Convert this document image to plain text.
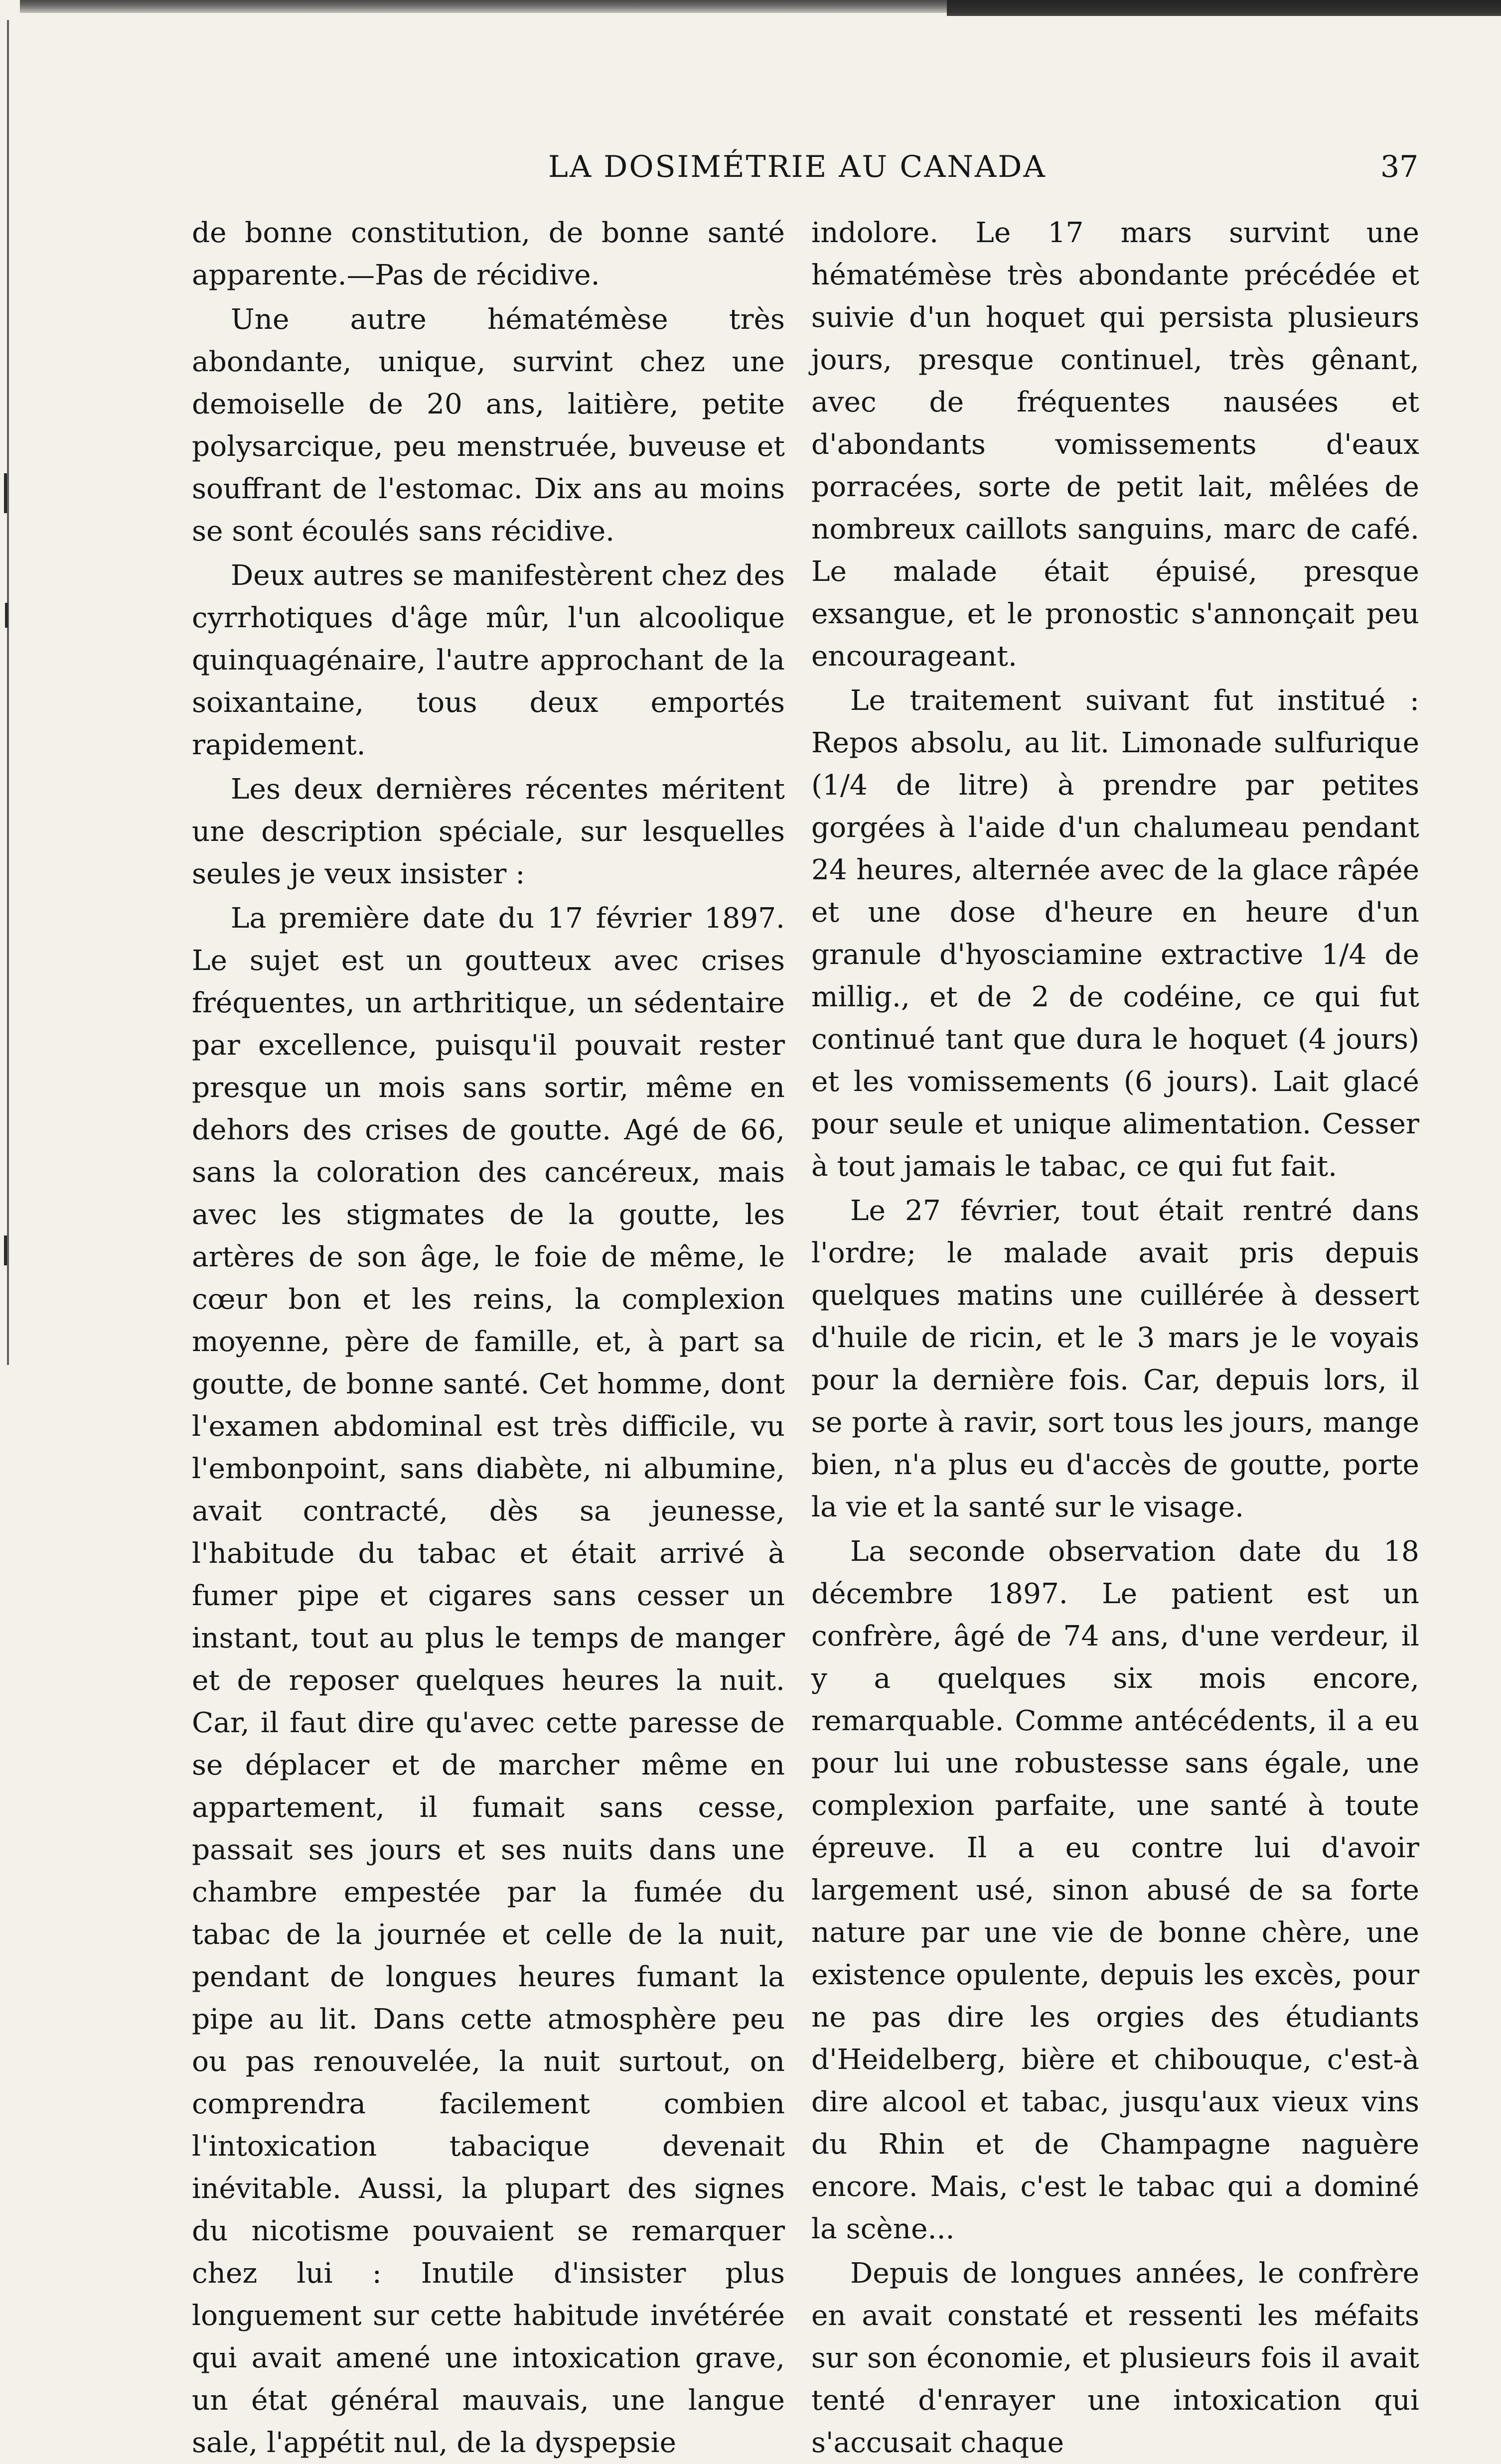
LA DOSIMÉTRIE AU CANADA	37

de bonne constitution, de bonne santé apparente.—Pas de récidive.

Une autre hématémèse très abondante, unique, survint chez une demoiselle de 20 ans, laitière, petite polysarcique, peu menstruée, buveuse et souffrant de l'estomac. Dix ans au moins se sont écoulés sans récidive.

Deux autres se manifestèrent chez des cyrrhotiques d'âge mûr, l'un alcoolique quinquagénaire, l'autre approchant de la soixantaine, tous deux emportés rapidement.

Les deux dernières récentes méritent une description spéciale, sur lesquelles seules je veux insister :

La première date du 17 février 1897. Le sujet est un goutteux avec crises fréquentes, un arthritique, un sédentaire par excellence, puisqu'il pouvait rester presque un mois sans sortir, même en dehors des crises de goutte. Agé de 66, sans la coloration des cancéreux, mais avec les stigmates de la goutte, les artères de son âge, le foie de même, le cœur bon et les reins, la complexion moyenne, père de famille, et, à part sa goutte, de bonne santé. Cet homme, dont l'examen abdominal est très difficile, vu l'embonpoint, sans diabète, ni albumine, avait contracté, dès sa jeunesse, l'habitude du tabac et était arrivé à fumer pipe et cigares sans cesser un instant, tout au plus le temps de manger et de reposer quelques heures la nuit. Car, il faut dire qu'avec cette paresse de se déplacer et de marcher même en appartement, il fumait sans cesse, passait ses jours et ses nuits dans une chambre empestée par la fumée du tabac de la journée et celle de la nuit, pendant de longues heures fumant la pipe au lit. Dans cette atmosphère peu ou pas renouvelée, la nuit surtout, on comprendra facilement combien l'intoxication tabacique devenait inévitable. Aussi, la plupart des signes du nicotisme pouvaient se remarquer chez lui : Inutile d'insister plus longuement sur cette habitude invétérée qui avait amené une intoxication grave, un état général mauvais, une langue sale, l'appétit nul, de la dyspepsie

indolore. Le 17 mars survint une hématémèse très abondante précédée et suivie d'un hoquet qui persista plusieurs jours, presque continuel, très gênant, avec de fréquentes nausées et d'abondants vomissements d'eaux porracées, sorte de petit lait, mêlées de nombreux caillots sanguins, marc de café. Le malade était épuisé, presque exsangue, et le pronostic s'annonçait peu encourageant.

Le traitement suivant fut institué : Repos absolu, au lit. Limonade sulfurique (1/4 de litre) à prendre par petites gorgées à l'aide d'un chalumeau pendant 24 heures, alternée avec de la glace râpée et une dose d'heure en heure d'un granule d'hyosciamine extractive 1/4 de millig., et de 2 de codéine, ce qui fut continué tant que dura le hoquet (4 jours) et les vomissements (6 jours). Lait glacé pour seule et unique alimentation. Cesser à tout jamais le tabac, ce qui fut fait.

Le 27 février, tout était rentré dans l'ordre; le malade avait pris depuis quelques matins une cuillérée à dessert d'huile de ricin, et le 3 mars je le voyais pour la dernière fois. Car, depuis lors, il se porte à ravir, sort tous les jours, mange bien, n'a plus eu d'accès de goutte, porte la vie et la santé sur le visage.

La seconde observation date du 18 décembre 1897. Le patient est un confrère, âgé de 74 ans, d'une verdeur, il y a quelques six mois encore, remarquable. Comme antécédents, il a eu pour lui une robustesse sans égale, une complexion parfaite, une santé à toute épreuve. Il a eu contre lui d'avoir largement usé, sinon abusé de sa forte nature par une vie de bonne chère, une existence opulente, depuis les excès, pour ne pas dire les orgies des étudiants d'Heidelberg, bière et chibouque, c'est-à dire alcool et tabac, jusqu'aux vieux vins du Rhin et de Champagne naguère encore. Mais, c'est le tabac qui a dominé la scène...

Depuis de longues années, le confrère en avait constaté et ressenti les méfaits sur son économie, et plusieurs fois il avait tenté d'enrayer une intoxication qui s'accusait chaque
